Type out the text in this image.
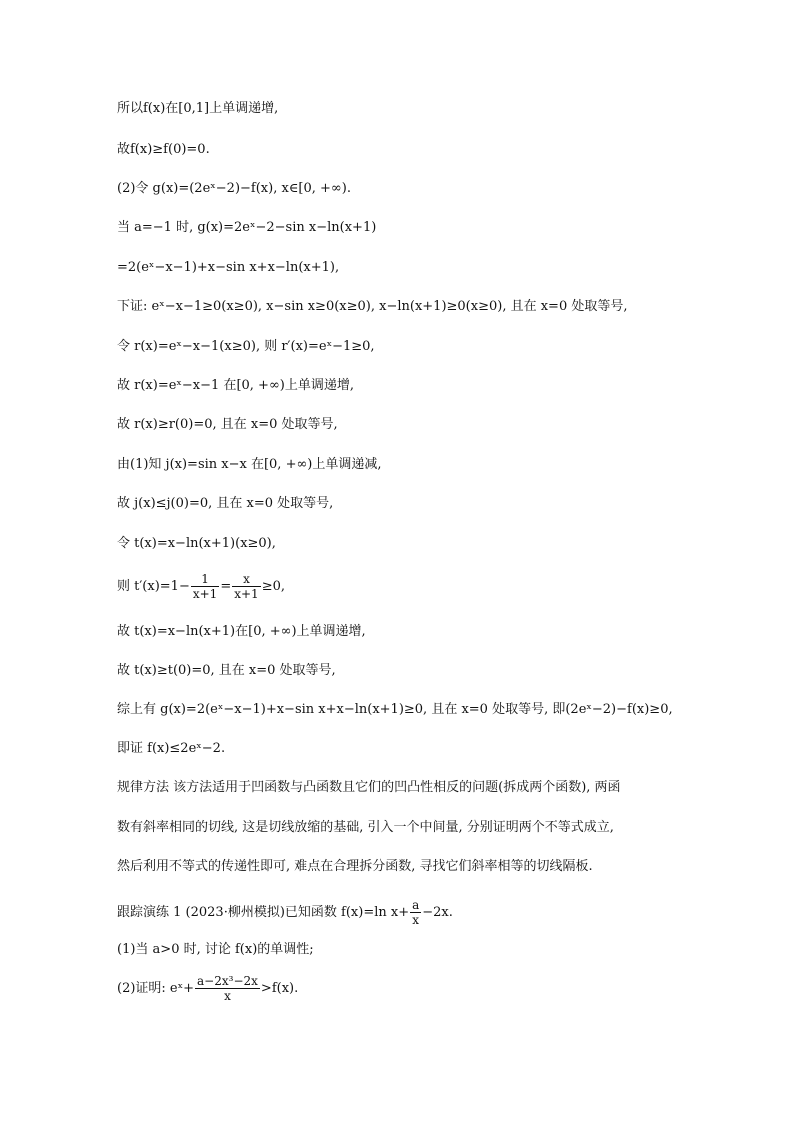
所以f(x)在[0,1]上单调递增,
故f(x)≥f(0)=0.
(2)令 g(x)=(2eˣ−2)−f(x), x∈[0, +∞).
当 a=−1 时, g(x)=2eˣ−2−sin x−ln(x+1)
=2(eˣ−x−1)+x−sin x+x−ln(x+1),
下证: eˣ−x−1≥0(x≥0), x−sin x≥0(x≥0), x−ln(x+1)≥0(x≥0), 且在 x=0 处取等号,
令 r(x)=eˣ−x−1(x≥0), 则 r′(x)=eˣ−1≥0,
故 r(x)=eˣ−x−1 在[0, +∞)上单调递增,
故 r(x)≥r(0)=0, 且在 x=0 处取等号,
由(1)知 j(x)=sin x−x 在[0, +∞)上单调递减,
故 j(x)≤j(0)=0, 且在 x=0 处取等号,
令 t(x)=x−ln(x+1)(x≥0),
故 t(x)=x−ln(x+1)在[0, +∞)上单调递增,
故 t(x)≥t(0)=0, 且在 x=0 处取等号,
综上有 g(x)=2(eˣ−x−1)+x−sin x+x−ln(x+1)≥0, 且在 x=0 处取等号, 即(2eˣ−2)−f(x)≥0,
即证 f(x)≤2eˣ−2.
规律方法 该方法适用于凹函数与凸函数且它们的凹凸性相反的问题(拆成两个函数), 两函
数有斜率相同的切线, 这是切线放缩的基础, 引入一个中间量, 分别证明两个不等式成立,
然后利用不等式的传递性即可, 难点在合理拆分函数, 寻找它们斜率相等的切线隔板.
(1)当 a>0 时, 讨论 f(x)的单调性;
则 $t'(x)=1- \frac{1}{x+1} = \frac{x}{x+1} \ge 0$,
跟踪演练 1 (2023·柳州模拟)已知函数 f(x)=ln $x+ \frac{a}{x} -2x$.
(2)证明: eˣ+ $\frac{\text{a−2x³−2x}}{x} >f(x)$.
